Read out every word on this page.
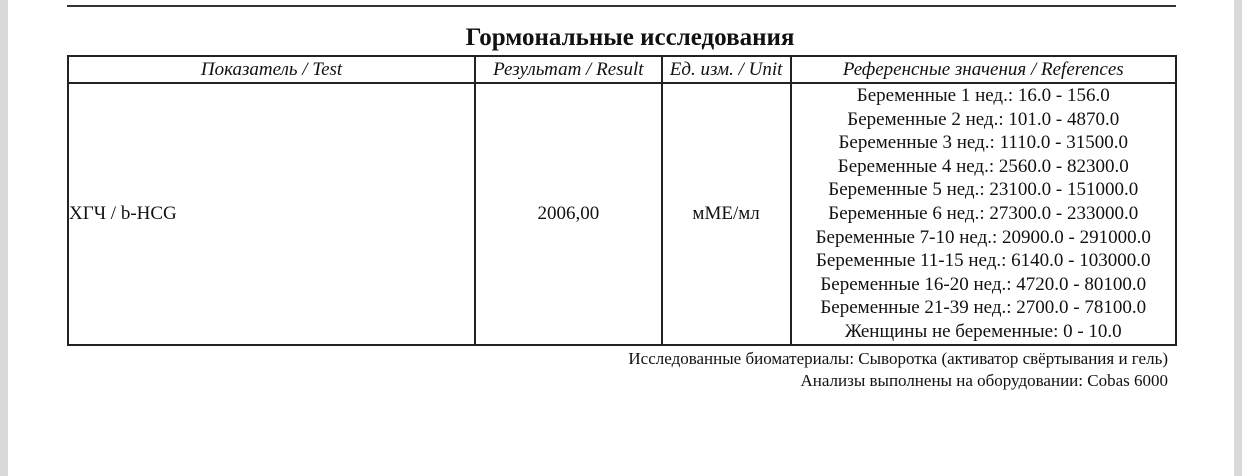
Гормональные исследования
Показатель / Test	Результат / Result	Ед. изм. / Unit	Референсные значения / References
ХГЧ / b-HCG	2006,00	мМЕ/мл	
Беременные 1 нед.: 16.0 - 156.0
Беременные 2 нед.: 101.0 - 4870.0
Беременные 3 нед.: 1110.0 - 31500.0
Беременные 4 нед.: 2560.0 - 82300.0
Беременные 5 нед.: 23100.0 - 151000.0
Беременные 6 нед.: 27300.0 - 233000.0
Беременные 7-10 нед.: 20900.0 - 291000.0
Беременные 11-15 нед.: 6140.0 - 103000.0
Беременные 16-20 нед.: 4720.0 - 80100.0
Беременные 21-39 нед.: 2700.0 - 78100.0
Женщины не беременные: 0 - 10.0
Исследованные биоматериалы: Сыворотка (активатор свёртывания и гель)
Анализы выполнены на оборудовании: Cobas 6000
